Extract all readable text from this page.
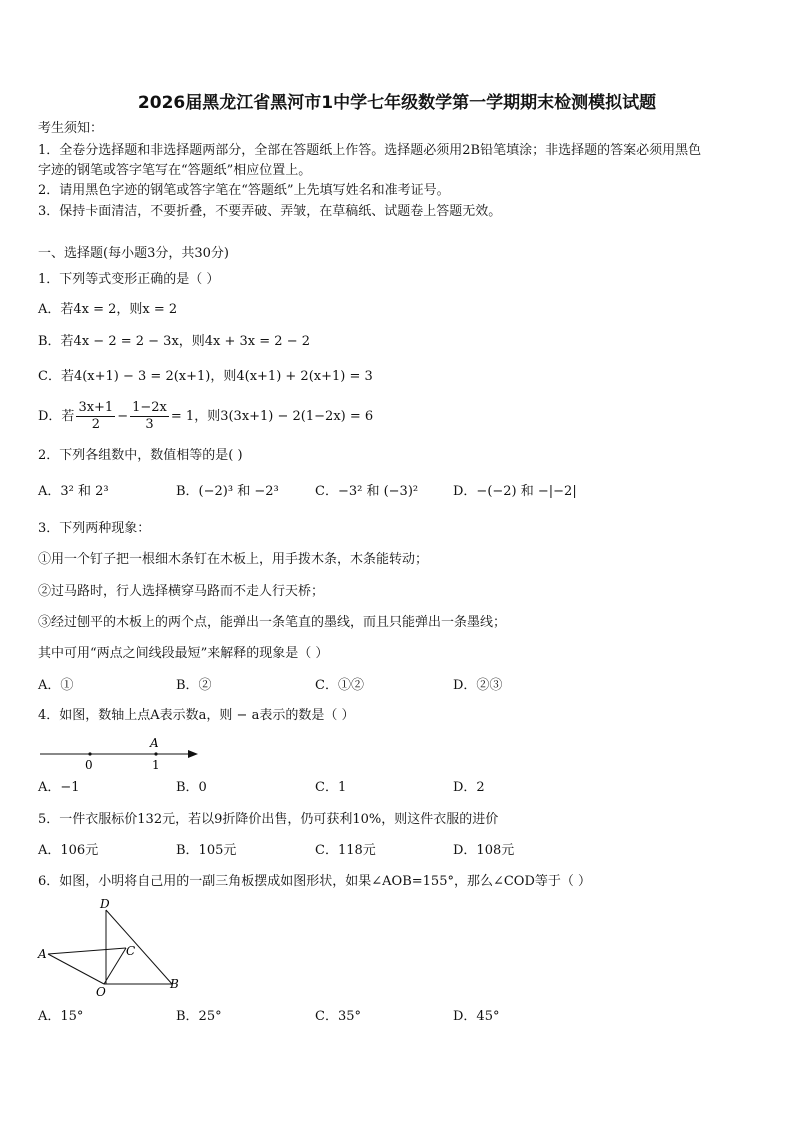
2026届黑龙江省黑河市1中学七年级数学第一学期期末检测模拟试题
考生须知：
1．全卷分选择题和非选择题两部分，全部在答题纸上作答。选择题必须用2B铅笔填涂；非选择题的答案必须用黑色
字迹的钢笔或答字笔写在“答题纸”相应位置上。
2．请用黑色字迹的钢笔或答字笔在“答题纸”上先填写姓名和准考证号。
3．保持卡面清洁，不要折叠，不要弄破、弄皱，在草稿纸、试题卷上答题无效。
一、选择题(每小题3分，共30分)
1．下列等式变形正确的是（ ）
A．若4x = 2，则x = 2
B．若4x − 2 = 2 − 3x，则4x + 3x = 2 − 2
C．若4(x+1) − 3 = 2(x+1)，则4(x+1) + 2(x+1) = 3
D．若 $\frac{3x+1}{2} - \frac{1-2x}{3} = 1$，则3(3x+1) − 2(1−2x) = 6
2．下列各组数中，数值相等的是( )
A．3² 和 2³	B．(−2)³ 和 −2³	C．−3² 和 (−3)²	D．−(−2) 和 −|−2|
3．下列两种现象：
①用一个钉子把一根细木条钉在木板上，用手拨木条，木条能转动；
②过马路时，行人选择横穿马路而不走人行天桥；
③经过刨平的木板上的两个点，能弹出一条笔直的墨线，而且只能弹出一条墨线；
其中可用“两点之间线段最短”来解释的现象是（ ）
A．①	B．②	C．①②	D．②③
4．如图，数轴上点A表示数a，则 − a表示的数是（ ）
A
0	1
A．−1	B．0	C．1	D．2
5．一件衣服标价132元，若以9折降价出售，仍可获利10%，则这件衣服的进价
A．106元	B．105元	C．118元	D．108元
6．如图，小明将自己用的一副三角板摆成如图形状，如果∠AOB=155°，那么∠COD等于（ ）
D
A	C
O
B
A．15°	B．25°	C．35°	D．45°
